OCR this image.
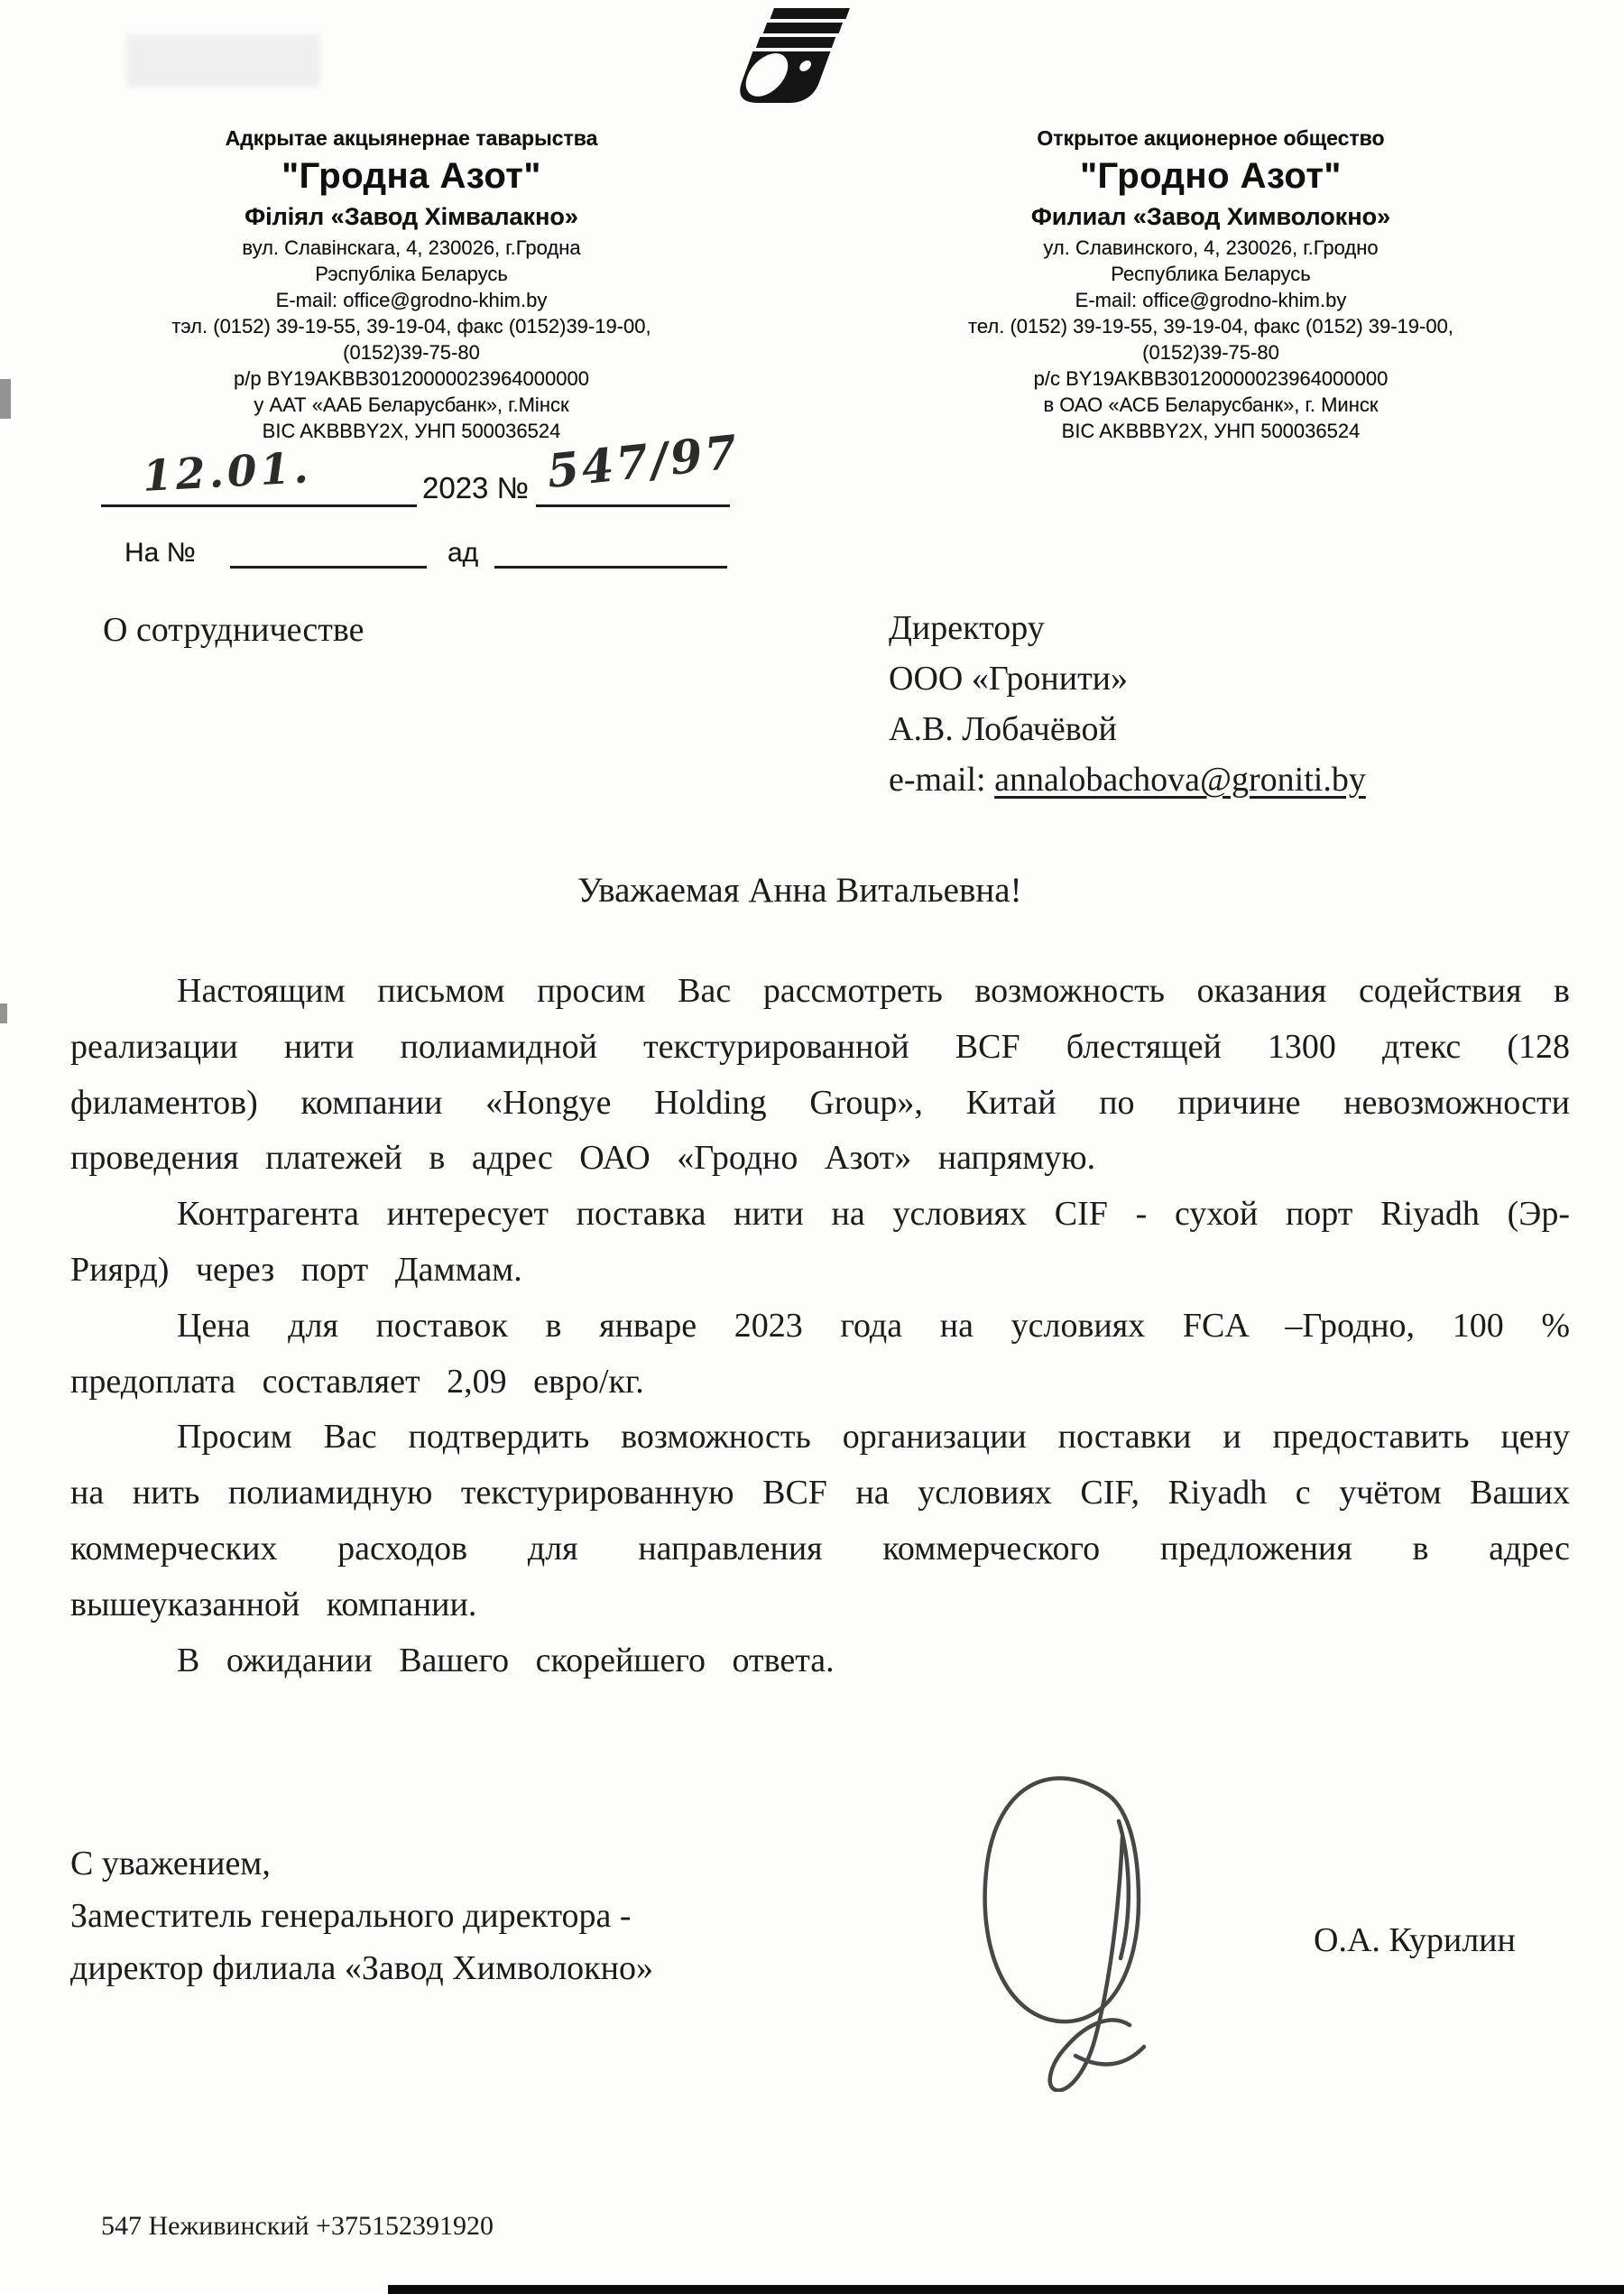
Адкрытае акцыянернае таварыства
"Гродна Азот"
Філіял «Завод Хімвалакно»
вул. Славінскага, 4, 230026, г.Гродна
Рэспубліка Беларусь
E-mail: office@grodno-khim.by
тэл. (0152) 39-19-55, 39-19-04, факс (0152)39-19-00,
(0152)39-75-80
р/р BY19AKBB30120000023964000000
у ААТ «ААБ Беларусбанк», г.Мінск
BIC AKBBBY2X, УНП 500036524
Открытое акционерное общество
"Гродно Азот"
Филиал «Завод Химволокно»
ул. Славинского, 4, 230026, г.Гродно
Республика Беларусь
E-mail: office@grodno-khim.by
тел. (0152) 39-19-55, 39-19-04, факс (0152) 39-19-00,
(0152)39-75-80
р/с BY19AKBB30120000023964000000
в ОАО «АСБ Беларусбанк», г. Минск
BIC AKBBBY2X, УНП 500036524
12.01.	2023 № 547/97
На №	ад
О сотрудничестве	Директору
ООО «Гронити»
А.В. Лобачёвой
e-mail: annalobachova@groniti.by
Уважаемая Анна Витальевна!

Настоящим письмом просим Вас рассмотреть возможность оказания содействия в реализации нити полиамидной текстурированной BCF блестящей 1300 дтекс (128 филаментов) компании «Hongye Holding Group», Китай по причине невозможности проведения платежей в адрес ОАО «Гродно Азот» напрямую.

Контрагента интересует поставка нити на условиях CIF - сухой порт Riyadh (Эр-Риярд) через порт Даммам.

Цена для поставок в январе 2023 года на условиях FCA –Гродно, 100 % предоплата составляет 2,09 евро/кг.

Просим Вас подтвердить возможность организации поставки и предоставить цену на нить полиамидную текстурированную BCF на условиях CIF, Riyadh с учётом Ваших коммерческих расходов для направления коммерческого предложения в адрес вышеуказанной компании.

В ожидании Вашего скорейшего ответа.

С уважением,
Заместитель генерального директора -
директор филиала «Завод Химволокно»
О.А. Курилин
547 Неживинский +375152391920
